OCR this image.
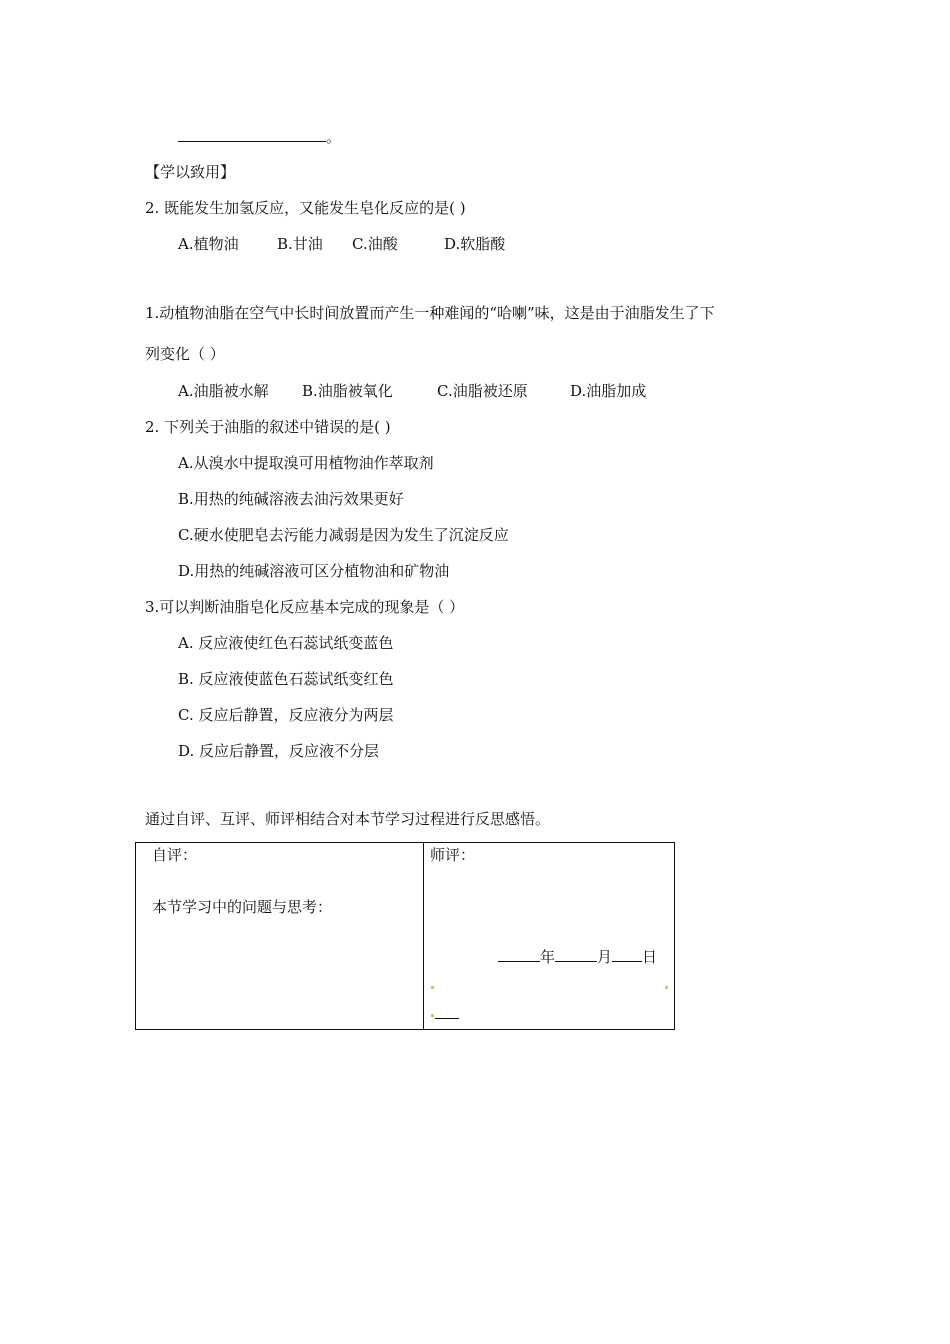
。
【学以致用】
2. 既能发生加氢反应，又能发生皂化反应的是( )
A.植物油	B.甘油 C.油酸	D.软脂酸
1.动植物油脂在空气中长时间放置而产生一种难闻的“哈喇”味，这是由于油脂发生了下
列变化（ ）
A.油脂被水解 B.油脂被氧化	C.油脂被还原	D.油脂加成
2. 下列关于油脂的叙述中错误的是( )
A.从溴水中提取溴可用植物油作萃取剂
B.用热的纯碱溶液去油污效果更好
C.硬水使肥皂去污能力减弱是因为发生了沉淀反应
D.用热的纯碱溶液可区分植物油和矿物油
3.可以判断油脂皂化反应基本完成的现象是（ ）
A. 反应液使红色石蕊试纸变蓝色
B. 反应液使蓝色石蕊试纸变红色
C. 反应后静置，反应液分为两层
D. 反应后静置，反应液不分层
通过自评、互评、师评相结合对本节学习过程进行反思感悟。
自评：
本节学习中的问题与思考：
师评：
年	月 日
